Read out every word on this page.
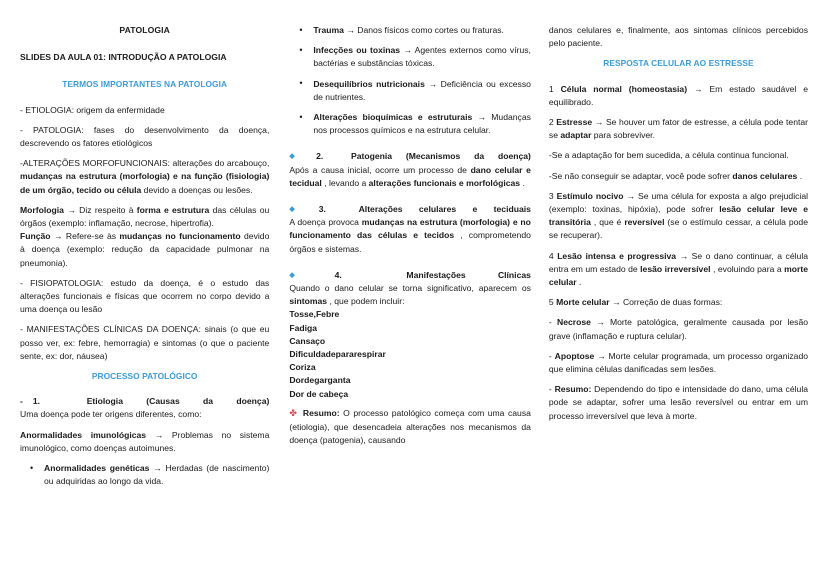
PATOLOGIA
SLIDES DA AULA 01: INTRODUÇÃO A PATOLOGIA
TERMOS IMPORTANTES NA PATOLOGIA

- ETIOLOGIA: origem da enfermidade

- PATOLOGIA: fases do desenvolvimento da doença, descrevendo os fatores etiológicos

-ALTERAÇÕES MORFOFUNCIONAIS: alterações do arcabouço, mudanças na estrutura (morfologia) e na função (fisiologia) de um órgão, tecido ou célula devido a doenças ou lesões.

Morfologia → Diz respeito à forma e estrutura das células ou órgãos (exemplo: inflamação, necrose, hipertrofia).

Função → Refere-se às mudanças no funcionamento devido à doença (exemplo: redução da capacidade pulmonar na pneumonia).

- FISIOPATOLOGIA: estudo da doença, é o estudo das alterações funcionais e físicas que ocorrem no corpo devido a uma doença ou lesão

- MANIFESTAÇÕES CLÍNICAS DA DOENÇA: sinais (o que eu posso ver, ex: febre, hemorragia) e sintomas (o que o paciente sente, ex: dor, náusea)

PROCESSO PATOLÓGICO

- 1.	Etiologia (Causas da doença)

Uma doença pode ter origens diferentes, como:

Anormalidades imunológicas → Problemas no sistema imunológico, como doenças autoimunes.

• Anormalidades genéticas → Herdadas (de nascimento) ou adquiridas ao longo da vida.
• Trauma → Danos físicos como cortes ou fraturas.
• Infecções ou toxinas → Agentes externos como vírus, bactérias e substâncias tóxicas.
• Desequilíbrios nutricionais → Deficiência ou excesso de nutrientes.
• Alterações bioquímicas e estruturais → Mudanças nos processos químicos e na estrutura celular.

◆ 2.	Patogenia (Mecanismos da doença)

Após a causa inicial, ocorre um processo de dano celular e tecidual , levando a alterações funcionais e morfológicas .

◆ 3.	Alterações celulares e teciduais

A doença provoca mudanças na estrutura (morfologia) e no funcionamento das células e tecidos , comprometendo órgãos e sistemas.

◆ 4.	Manifestações Clínicas

Quando o dano celular se torna significativo, aparecem os sintomas , que podem incluir:

Tosse,Febre
Fadiga
Cansaço
Dificuldadepararespirar
Coriza
Dordegarganta
Dor de cabeça

✤ Resumo: O processo patológico começa com uma causa (etiologia), que desencadeia alterações nos mecanismos da doença (patogenia), causando

danos celulares e, finalmente, aos sintomas clínicos percebidos pelo paciente.

RESPOSTA CELULAR AO ESTRESSE

1 Célula normal (homeostasia) → Em estado saudável e equilibrado.

2 Estresse → Se houver um fator de estresse, a célula pode tentar se adaptar para sobreviver.

-Se a adaptação for bem sucedida, a célula continua funcional.

-Se não conseguir se adaptar, você pode sofrer danos celulares .

3 Estímulo nocivo → Se uma célula for exposta a algo prejudicial (exemplo: toxinas, hipóxia), pode sofrer lesão celular leve e transitória , que é reversível (se o estímulo cessar, a célula pode se recuperar).

4 Lesão intensa e progressiva → Se o dano continuar, a célula entra em um estado de lesão irreversível , evoluindo para a morte celular .

5 Morte celular → Correção de duas formas:

- Necrose → Morte patológica, geralmente causada por lesão grave (inflamação e ruptura celular).

- Apoptose → Morte celular programada, um processo organizado que elimina células danificadas sem lesões.

- Resumo: Dependendo do tipo e intensidade do dano, uma célula pode se adaptar, sofrer uma lesão reversível ou entrar em um processo irreversível que leva à morte.
